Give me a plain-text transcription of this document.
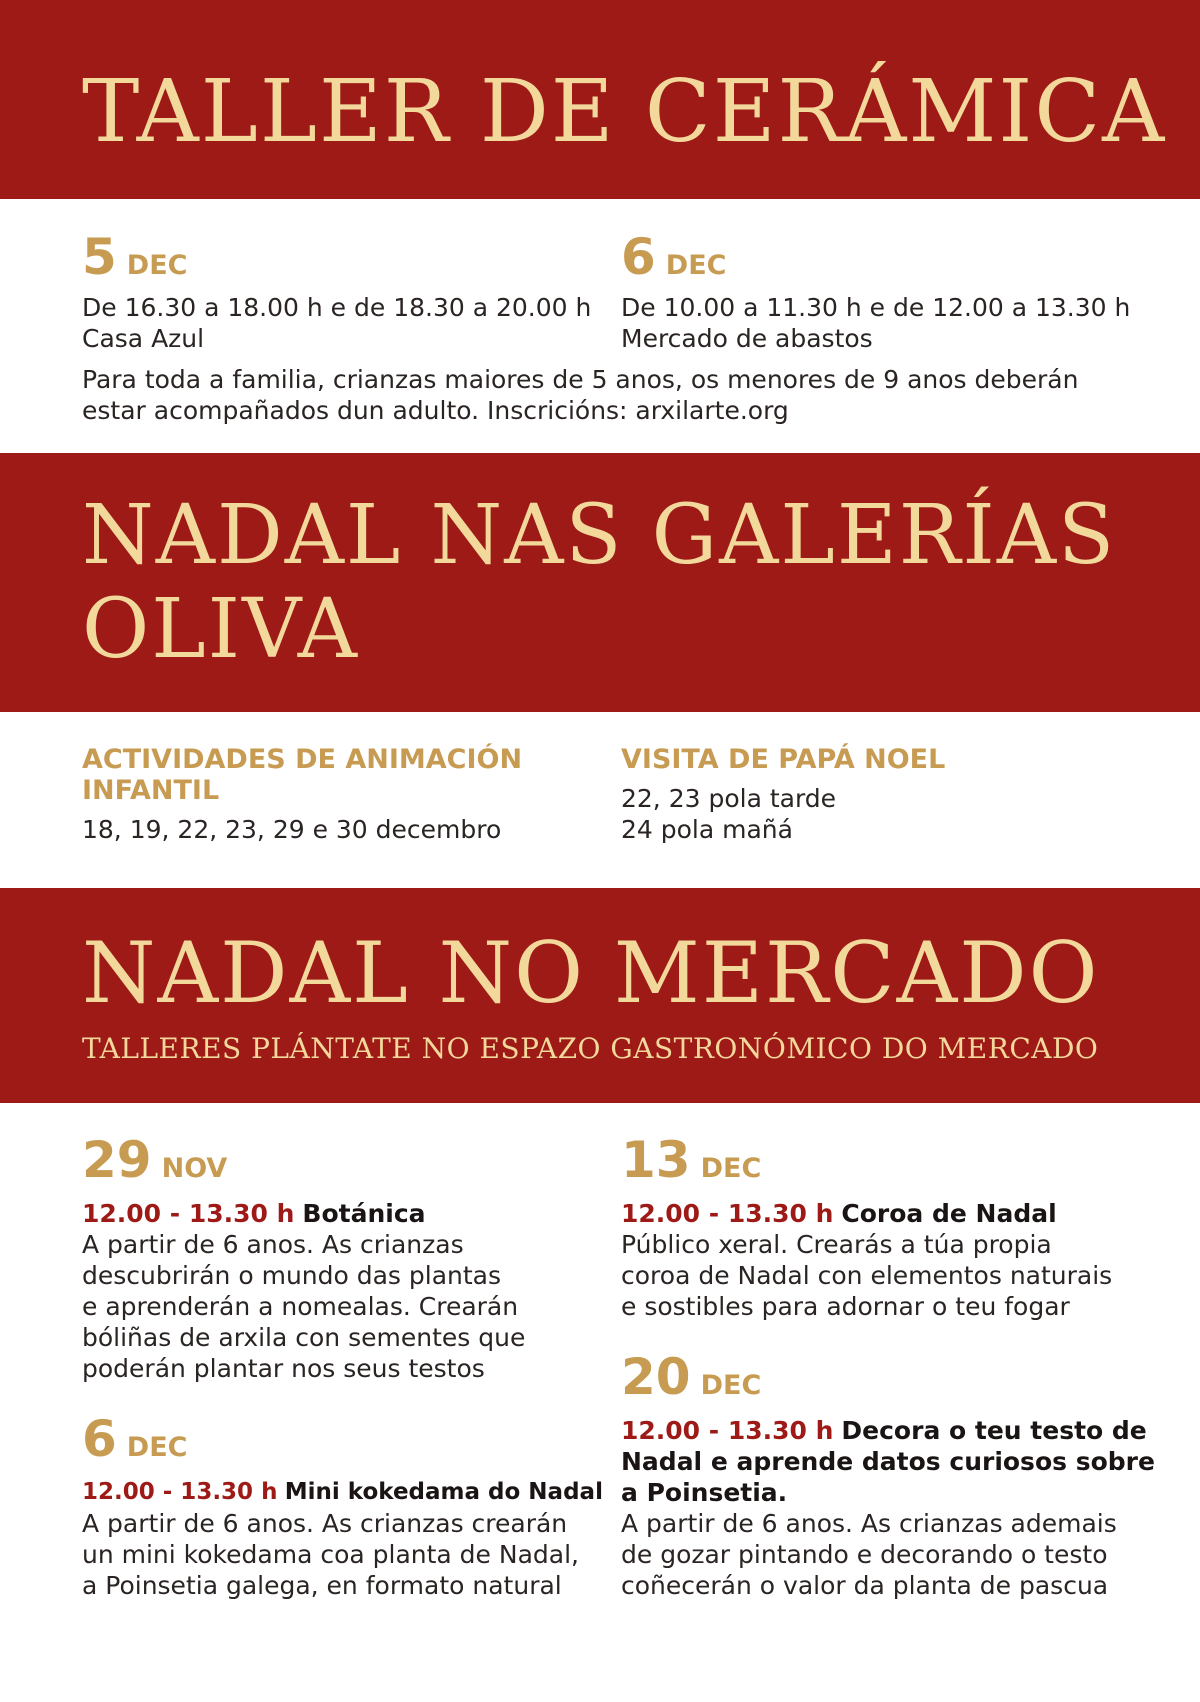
TALLER DE CERÁMICA
5 DEC
De 16.30 a 18.00 h e de 18.30 a 20.00 h
Casa Azul
6 DEC
De 10.00 a 11.30 h e de 12.00 a 13.30 h
Mercado de abastos
Para toda a familia, crianzas maiores de 5 anos, os menores de 9 anos deberán
estar acompañados dun adulto. Inscricións: arxilarte.org
NADAL NAS GALERÍAS
OLIVA
ACTIVIDADES DE ANIMACIÓN
INFANTIL
18, 19, 22, 23, 29 e 30 decembro
VISITA DE PAPÁ NOEL
22, 23 pola tarde
24 pola mañá
NADAL NO MERCADO
TALLERES PLÁNTATE NO ESPAZO GASTRONÓMICO DO MERCADO
29 NOV
12.00 - 13.30 h Botánica
A partir de 6 anos. As crianzas
descubrirán o mundo das plantas
e aprenderán a nomealas. Crearán
bóliñas de arxila con sementes que
poderán plantar nos seus testos
6 DEC
12.00 - 13.30 h Mini kokedama do Nadal
A partir de 6 anos. As crianzas crearán
un mini kokedama coa planta de Nadal,
a Poinsetia galega, en formato natural
13 DEC
12.00 - 13.30 h Coroa de Nadal
Público xeral. Crearás a túa propia
coroa de Nadal con elementos naturais
e sostibles para adornar o teu fogar
20 DEC
12.00 - 13.30 h Decora o teu testo de
Nadal e aprende datos curiosos sobre
a Poinsetia.
A partir de 6 anos. As crianzas ademais
de gozar pintando e decorando o testo
coñecerán o valor da planta de pascua
